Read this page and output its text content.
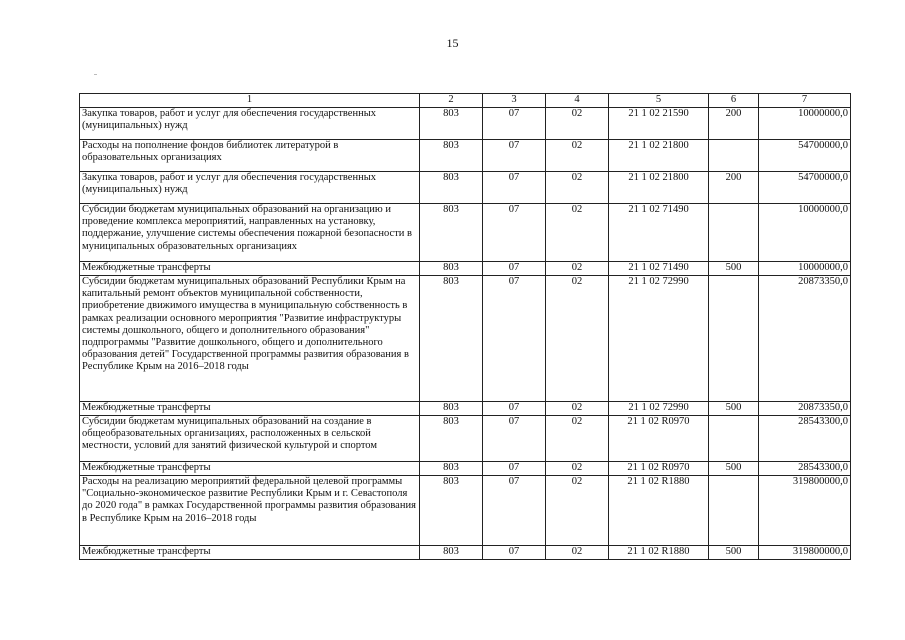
15
1	2	3	4	5	6	7
Закупка товаров, работ и услуг для обеспечения государственных (муниципальных) нужд	803	07	02	21 1 02 21590	200	10000000,0
Расходы на пополнение фондов библиотек литературой в образовательных организациях	803	07	02	21 1 02 21800		54700000,0
Закупка товаров, работ и услуг для обеспечения государственных (муниципальных) нужд	803	07	02	21 1 02 21800	200	54700000,0
Субсидии бюджетам муниципальных образований на организацию и проведение комплекса мероприятий, направленных на установку, поддержание, улучшение системы обеспечения пожарной безопасности в муниципальных образовательных организациях	803	07	02	21 1 02 71490		10000000,0
Межбюджетные трансферты	803	07	02	21 1 02 71490	500	10000000,0
Субсидии бюджетам муниципальных образований Республики Крым на капитальный ремонт объектов муниципальной собственности, приобретение движимого имущества в муниципальную собственность в рамках реализации основного мероприятия "Развитие инфраструктуры системы дошкольного, общего и дополнительного образования" подпрограммы "Развитие дошкольного, общего и дополнительного образования детей" Государственной программы развития образования в Республике Крым на 2016–2018 годы	803	07	02	21 1 02 72990		20873350,0
Межбюджетные трансферты	803	07	02	21 1 02 72990	500	20873350,0
Субсидии бюджетам муниципальных образований на создание в общеобразовательных организациях, расположенных в сельской местности, условий для занятий физической культурой и спортом	803	07	02	21 1 02 R0970		28543300,0
Межбюджетные трансферты	803	07	02	21 1 02 R0970	500	28543300,0
Расходы на реализацию мероприятий федеральной целевой программы "Социально-экономическое развитие Республики Крым и г. Севастополя до 2020 года" в рамках Государственной программы развития образования в Республике Крым на 2016–2018 годы	803	07	02	21 1 02 R1880		319800000,0
Межбюджетные трансферты	803	07	02	21 1 02 R1880	500	319800000,0
